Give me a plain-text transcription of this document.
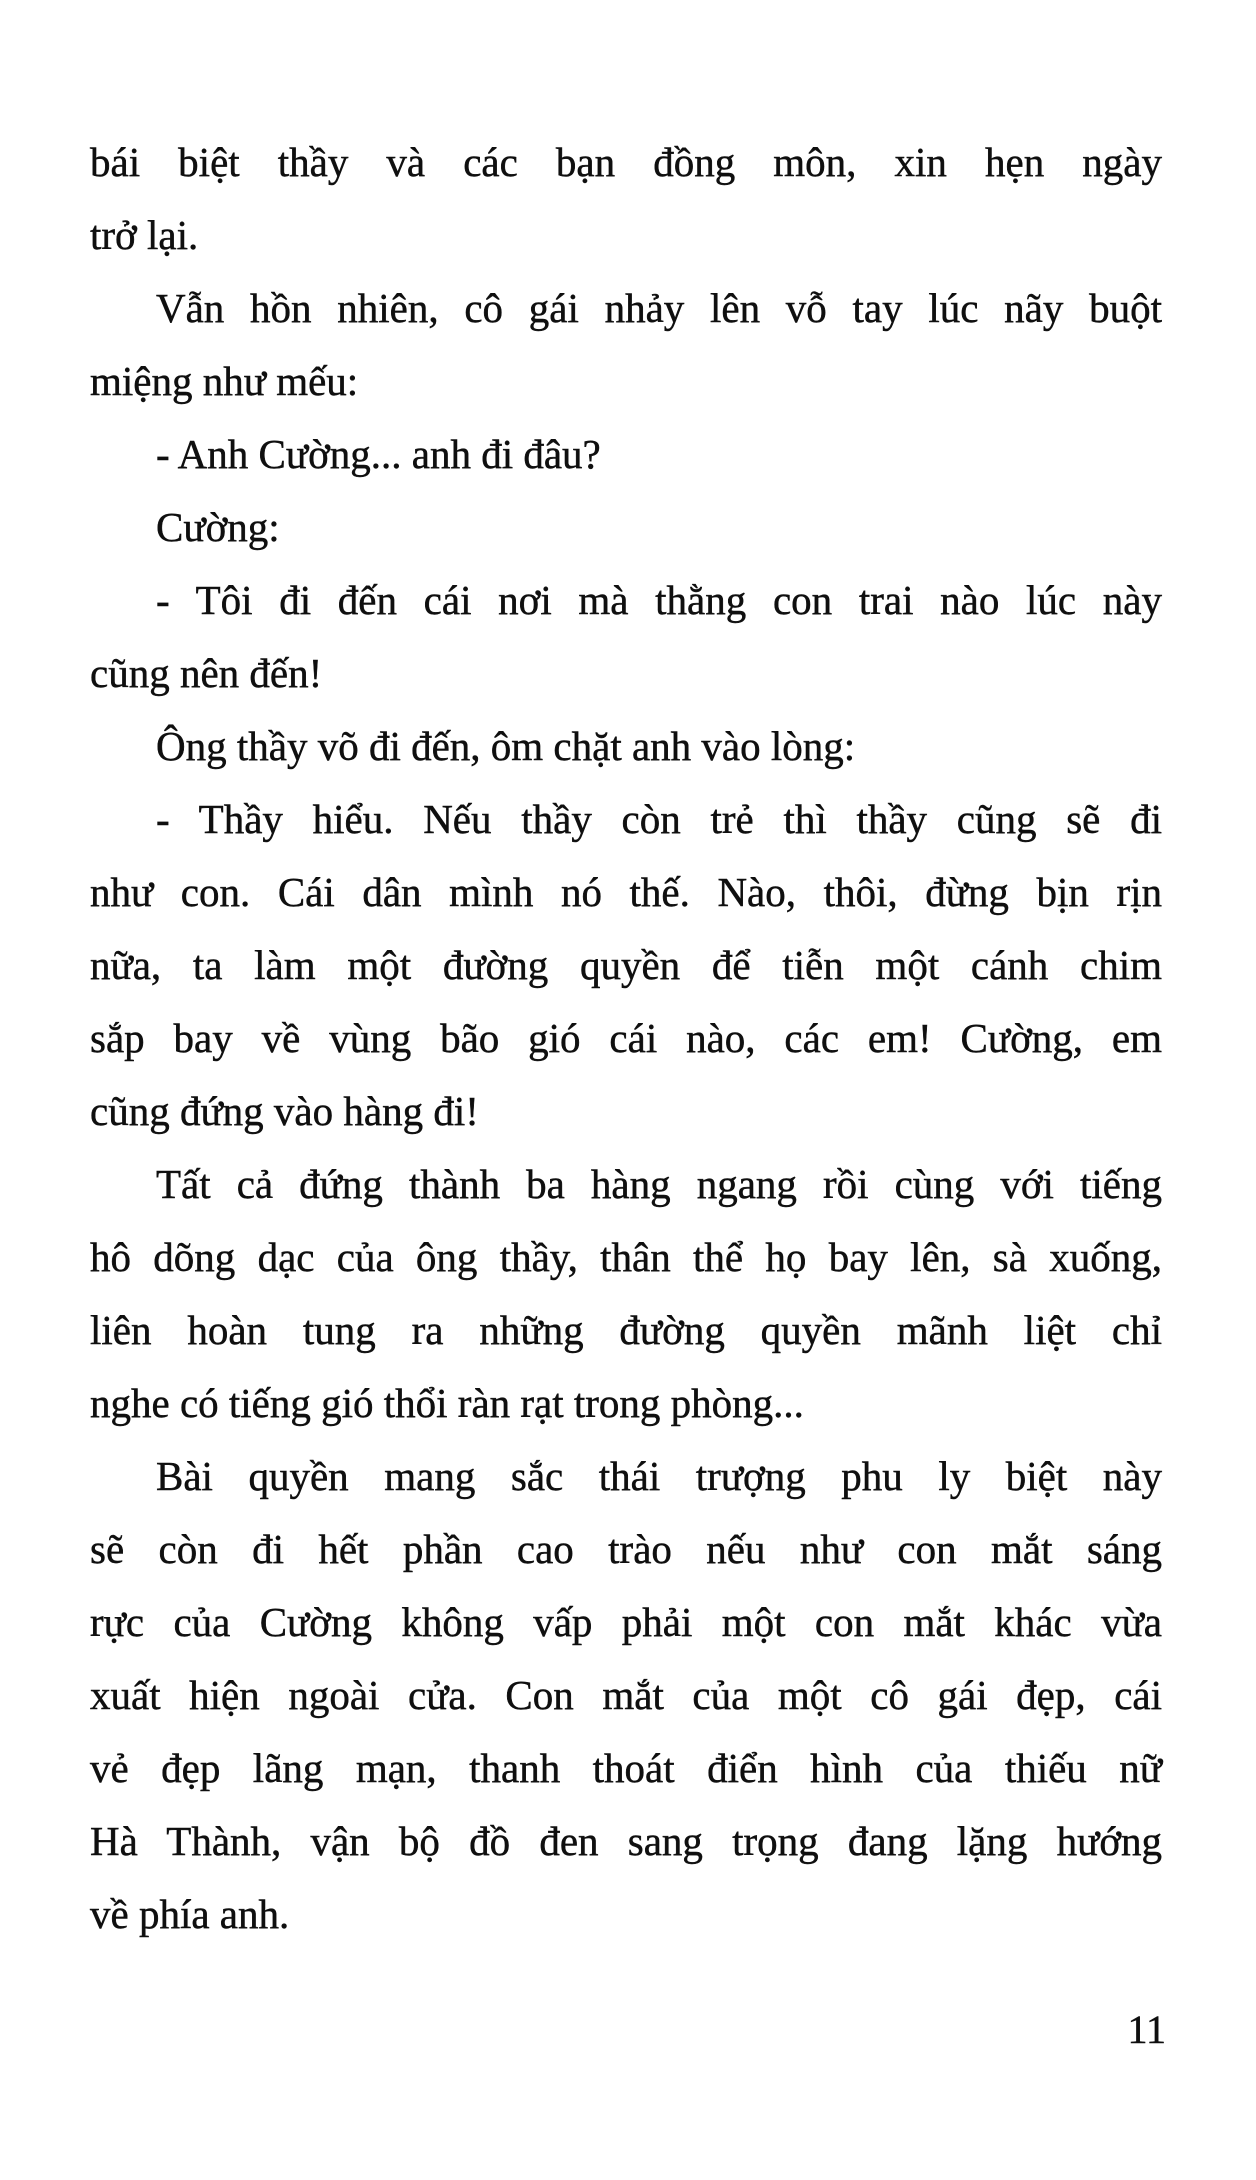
bái biệt thầy và các bạn đồng môn, xin hẹn ngày
trở lại.
Vẫn hồn nhiên, cô gái nhảy lên vỗ tay lúc nãy buột
miệng như mếu:
- Anh Cường... anh đi đâu?
Cường:
- Tôi đi đến cái nơi mà thằng con trai nào lúc này
cũng nên đến!
Ông thầy võ đi đến, ôm chặt anh vào lòng:
- Thầy hiểu. Nếu thầy còn trẻ thì thầy cũng sẽ đi
như con. Cái dân mình nó thế. Nào, thôi, đừng bịn rịn
nữa, ta làm một đường quyền để tiễn một cánh chim
sắp bay về vùng bão gió cái nào, các em! Cường, em
cũng đứng vào hàng đi!
Tất cả đứng thành ba hàng ngang rồi cùng với tiếng
hô dõng dạc của ông thầy, thân thể họ bay lên, sà xuống,
liên hoàn tung ra những đường quyền mãnh liệt chỉ
nghe có tiếng gió thổi ràn rạt trong phòng...
Bài quyền mang sắc thái trượng phu ly biệt này
sẽ còn đi hết phần cao trào nếu như con mắt sáng
rực của Cường không vấp phải một con mắt khác vừa
xuất hiện ngoài cửa. Con mắt của một cô gái đẹp, cái
vẻ đẹp lãng mạn, thanh thoát điển hình của thiếu nữ
Hà Thành, vận bộ đồ đen sang trọng đang lặng hướng
về phía anh.
11
